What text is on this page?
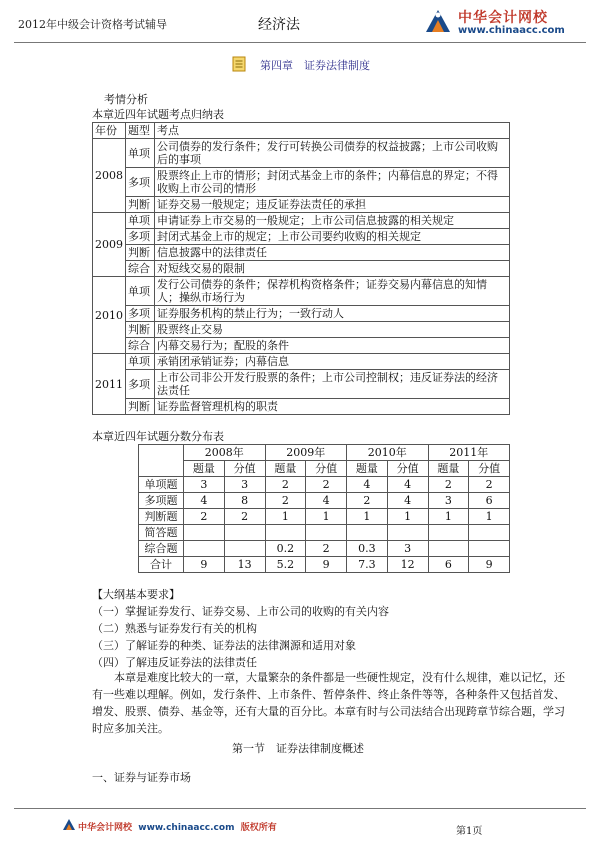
2012年中级会计资格考试辅导	经济法	中华会计网校
www.chinaacc.com
第四章　证券法律制度
考情分析
本章近四年试题考点归纳表
年份	题型	考点
2008	单项	公司债券的发行条件；发行可转换公司债券的权益披露；上市公司收购后的事项
	多项	股票终止上市的情形；封闭式基金上市的条件；内幕信息的界定；不得收购上市公司的情形
	判断	证券交易一般规定；违反证券法责任的承担
2009	单项	申请证券上市交易的一般规定；上市公司信息披露的相关规定
	多项	封闭式基金上市的规定；上市公司要约收购的相关规定
	判断	信息披露中的法律责任
	综合	对短线交易的限制
2010	单项	发行公司债券的条件；保荐机构资格条件；证券交易内幕信息的知情人；操纵市场行为
	多项	证券服务机构的禁止行为；一致行动人
	判断	股票终止交易
	综合	内幕交易行为；配股的条件
2011	单项	承销团承销证券；内幕信息
	多项	上市公司非公开发行股票的条件；上市公司控制权；违反证券法的经济法责任
	判断	证券监督管理机构的职责
本章近四年试题分数分布表
	2008年		2009年		2010年		2011年	
	题量	分值	题量	分值	题量	分值	题量	分值
单项题	3	3	2	2	4	4	2	2
多项题	4	8	2	4	2	4	3	6
判断题	2	2	1	1	1	1	1	1
简答题								
综合题			0.2	2	0.3	3		
合计	9	13	5.2	9	7.3	12	6	9
【大纲基本要求】
（一）掌握证券发行、证券交易、上市公司的收购的有关内容
（二）熟悉与证券发行有关的机构
（三）了解证券的种类、证券法的法律渊源和适用对象
（四）了解违反证券法的法律责任
本章是难度比较大的一章，大量繁杂的条件都是一些硬性规定，没有什么规律，难以记忆，还
有一些难以理解。例如，发行条件、上市条件、暂停条件、终止条件等等，各种条件又包括首发、
增发、股票、债券、基金等，还有大量的百分比。本章有时与公司法结合出现跨章节综合题，学习
时应多加关注。
第一节　证券法律制度概述
一、证券与证券市场
中华会计网校 www.chinaacc.com 版权所有	第1页
